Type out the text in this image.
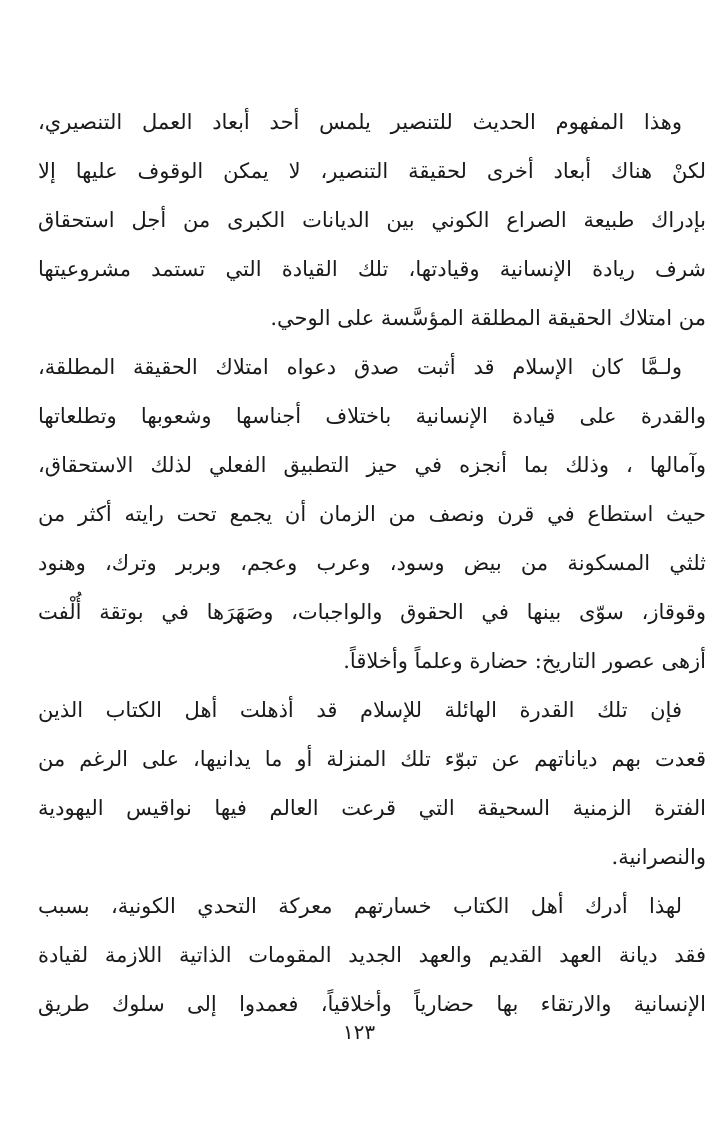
وهذا المفهوم الحديث للتنصير يلمس أحد أبعاد العمل التنصيري،
لكنْ هناك أبعاد أخرى لحقيقة التنصير، لا يمكن الوقوف عليها إلا
بإدراك طبيعة الصراع الكوني بين الديانات الكبرى من أجل استحقاق
شرف ريادة الإنسانية وقيادتها، تلك القيادة التي تستمد مشروعيتها
من امتلاك الحقيقة المطلقة المؤسَّسة على الوحي.
ولـمَّا كان الإسلام قد أثبت صدق دعواه امتلاك الحقيقة المطلقة،
والقدرة على قيادة الإنسانية باختلاف أجناسها وشعوبها وتطلعاتها
وآمالها ، وذلك بما أنجزه في حيز التطبيق الفعلي لذلك الاستحقاق،
حيث استطاع في قرن ونصف من الزمان أن يجمع تحت رايته أكثر من
ثلثي المسكونة من بيض وسود، وعرب وعجم، وبربر وترك، وهنود
وقوقاز، سوّى بينها في الحقوق والواجبات، وصَهَرَها في بوتقة أُلْفت
أزهى عصور التاريخ: حضارة وعلماً وأخلاقاً.
فإن تلك القدرة الهائلة للإسلام قد أذهلت أهل الكتاب الذين
قعدت بهم دياناتهم عن تبوّء تلك المنزلة أو ما يدانيها، على الرغم من
الفترة الزمنية السحيقة التي قرعت العالم فيها نواقيس اليهودية
والنصرانية.
لهذا أدرك أهل الكتاب خسارتهم معركة التحدي الكونية، بسبب
فقد ديانة العهد القديم والعهد الجديد المقومات الذاتية اللازمة لقيادة
الإنسانية والارتقاء بها حضارياً وأخلاقياً، فعمدوا إلى سلوك طريق
١٢٣
